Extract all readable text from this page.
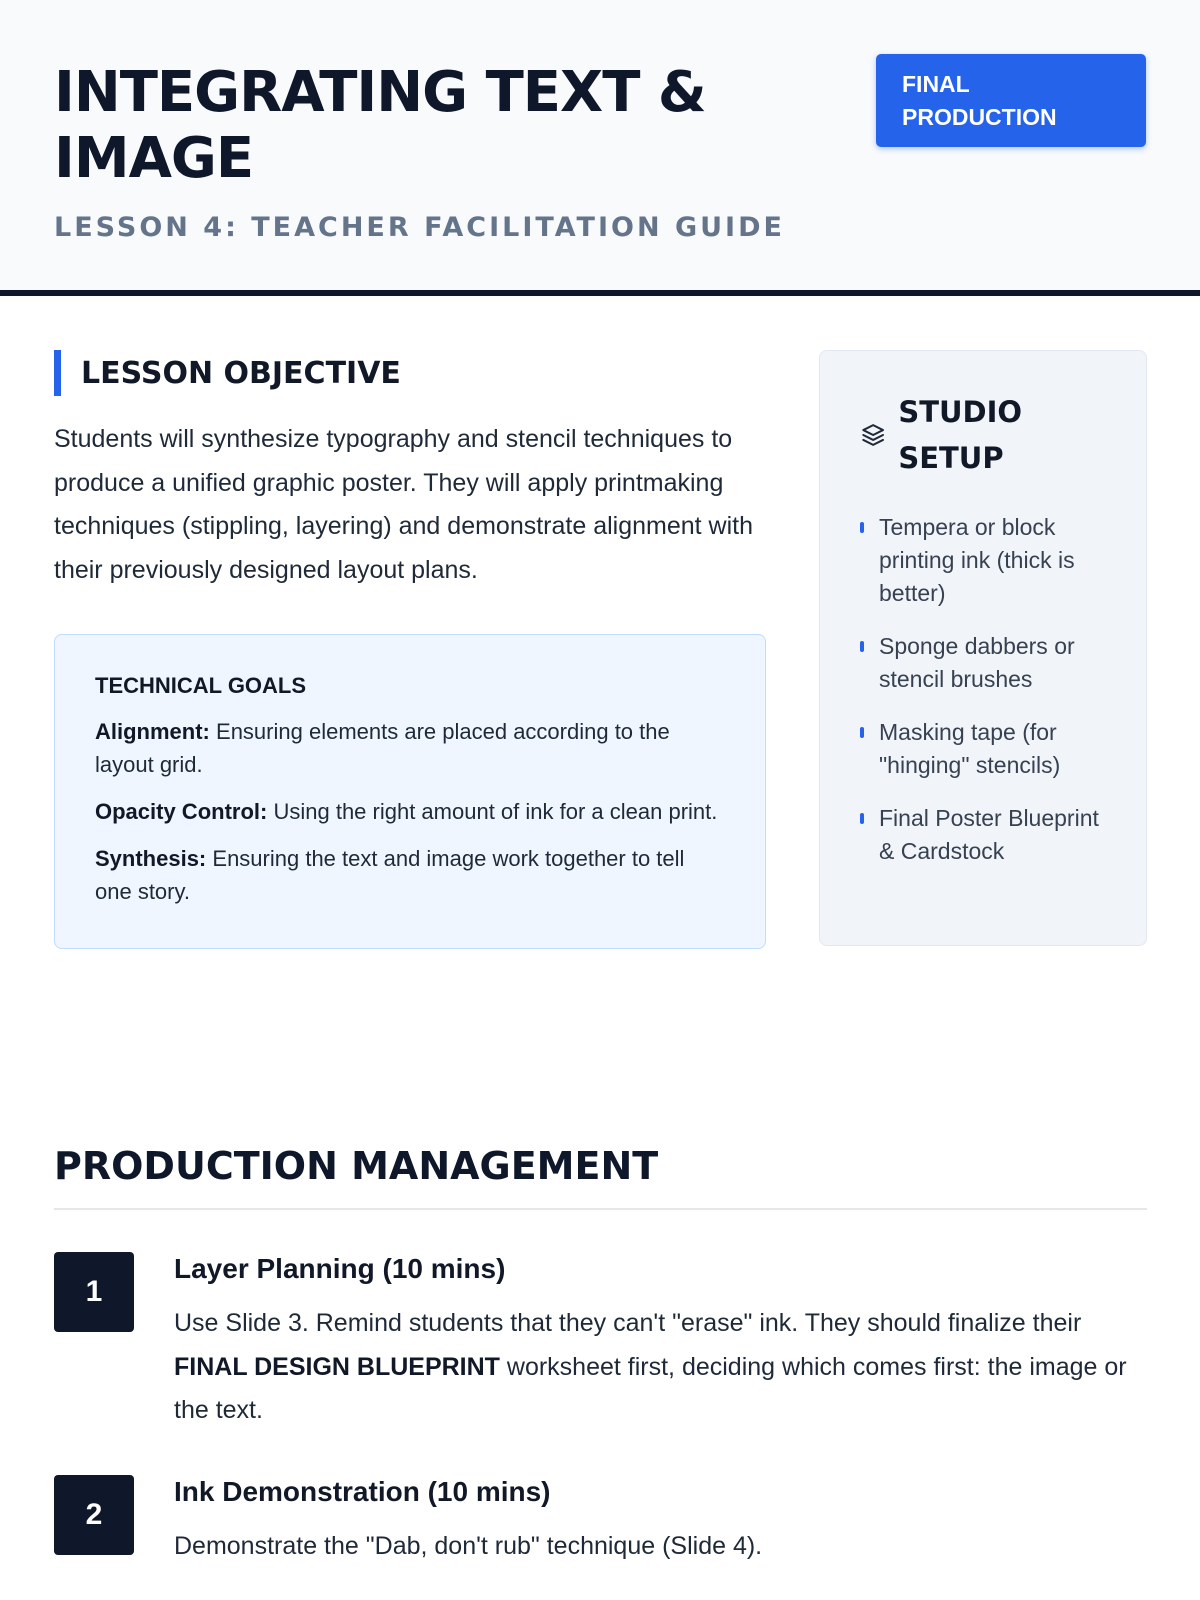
INTEGRATING TEXT & IMAGE
LESSON 4: TEACHER FACILITATION GUIDE
FINAL PRODUCTION
LESSON OBJECTIVE

Students will synthesize typography and stencil techniques to produce a unified graphic poster. They will apply printmaking techniques (stippling, layering) and demonstrate alignment with their previously designed layout plans.

TECHNICAL GOALS

Alignment: Ensuring elements are placed according to the layout grid.

Opacity Control: Using the right amount of ink for a clean print.

Synthesis: Ensuring the text and image work together to tell one story.

STUDIO SETUP
Tempera or block printing ink (thick is better)
Sponge dabbers or stencil brushes
Masking tape (for "hinging" stencils)
Final Poster Blueprint & Cardstock
PRODUCTION MANAGEMENT
1
Layer Planning (10 mins)

Use Slide 3. Remind students that they can't "erase" ink. They should finalize their FINAL DESIGN BLUEPRINT worksheet first, deciding which comes first: the image or the text.

2
Ink Demonstration (10 mins)

Demonstrate the "Dab, don't rub" technique (Slide 4).
